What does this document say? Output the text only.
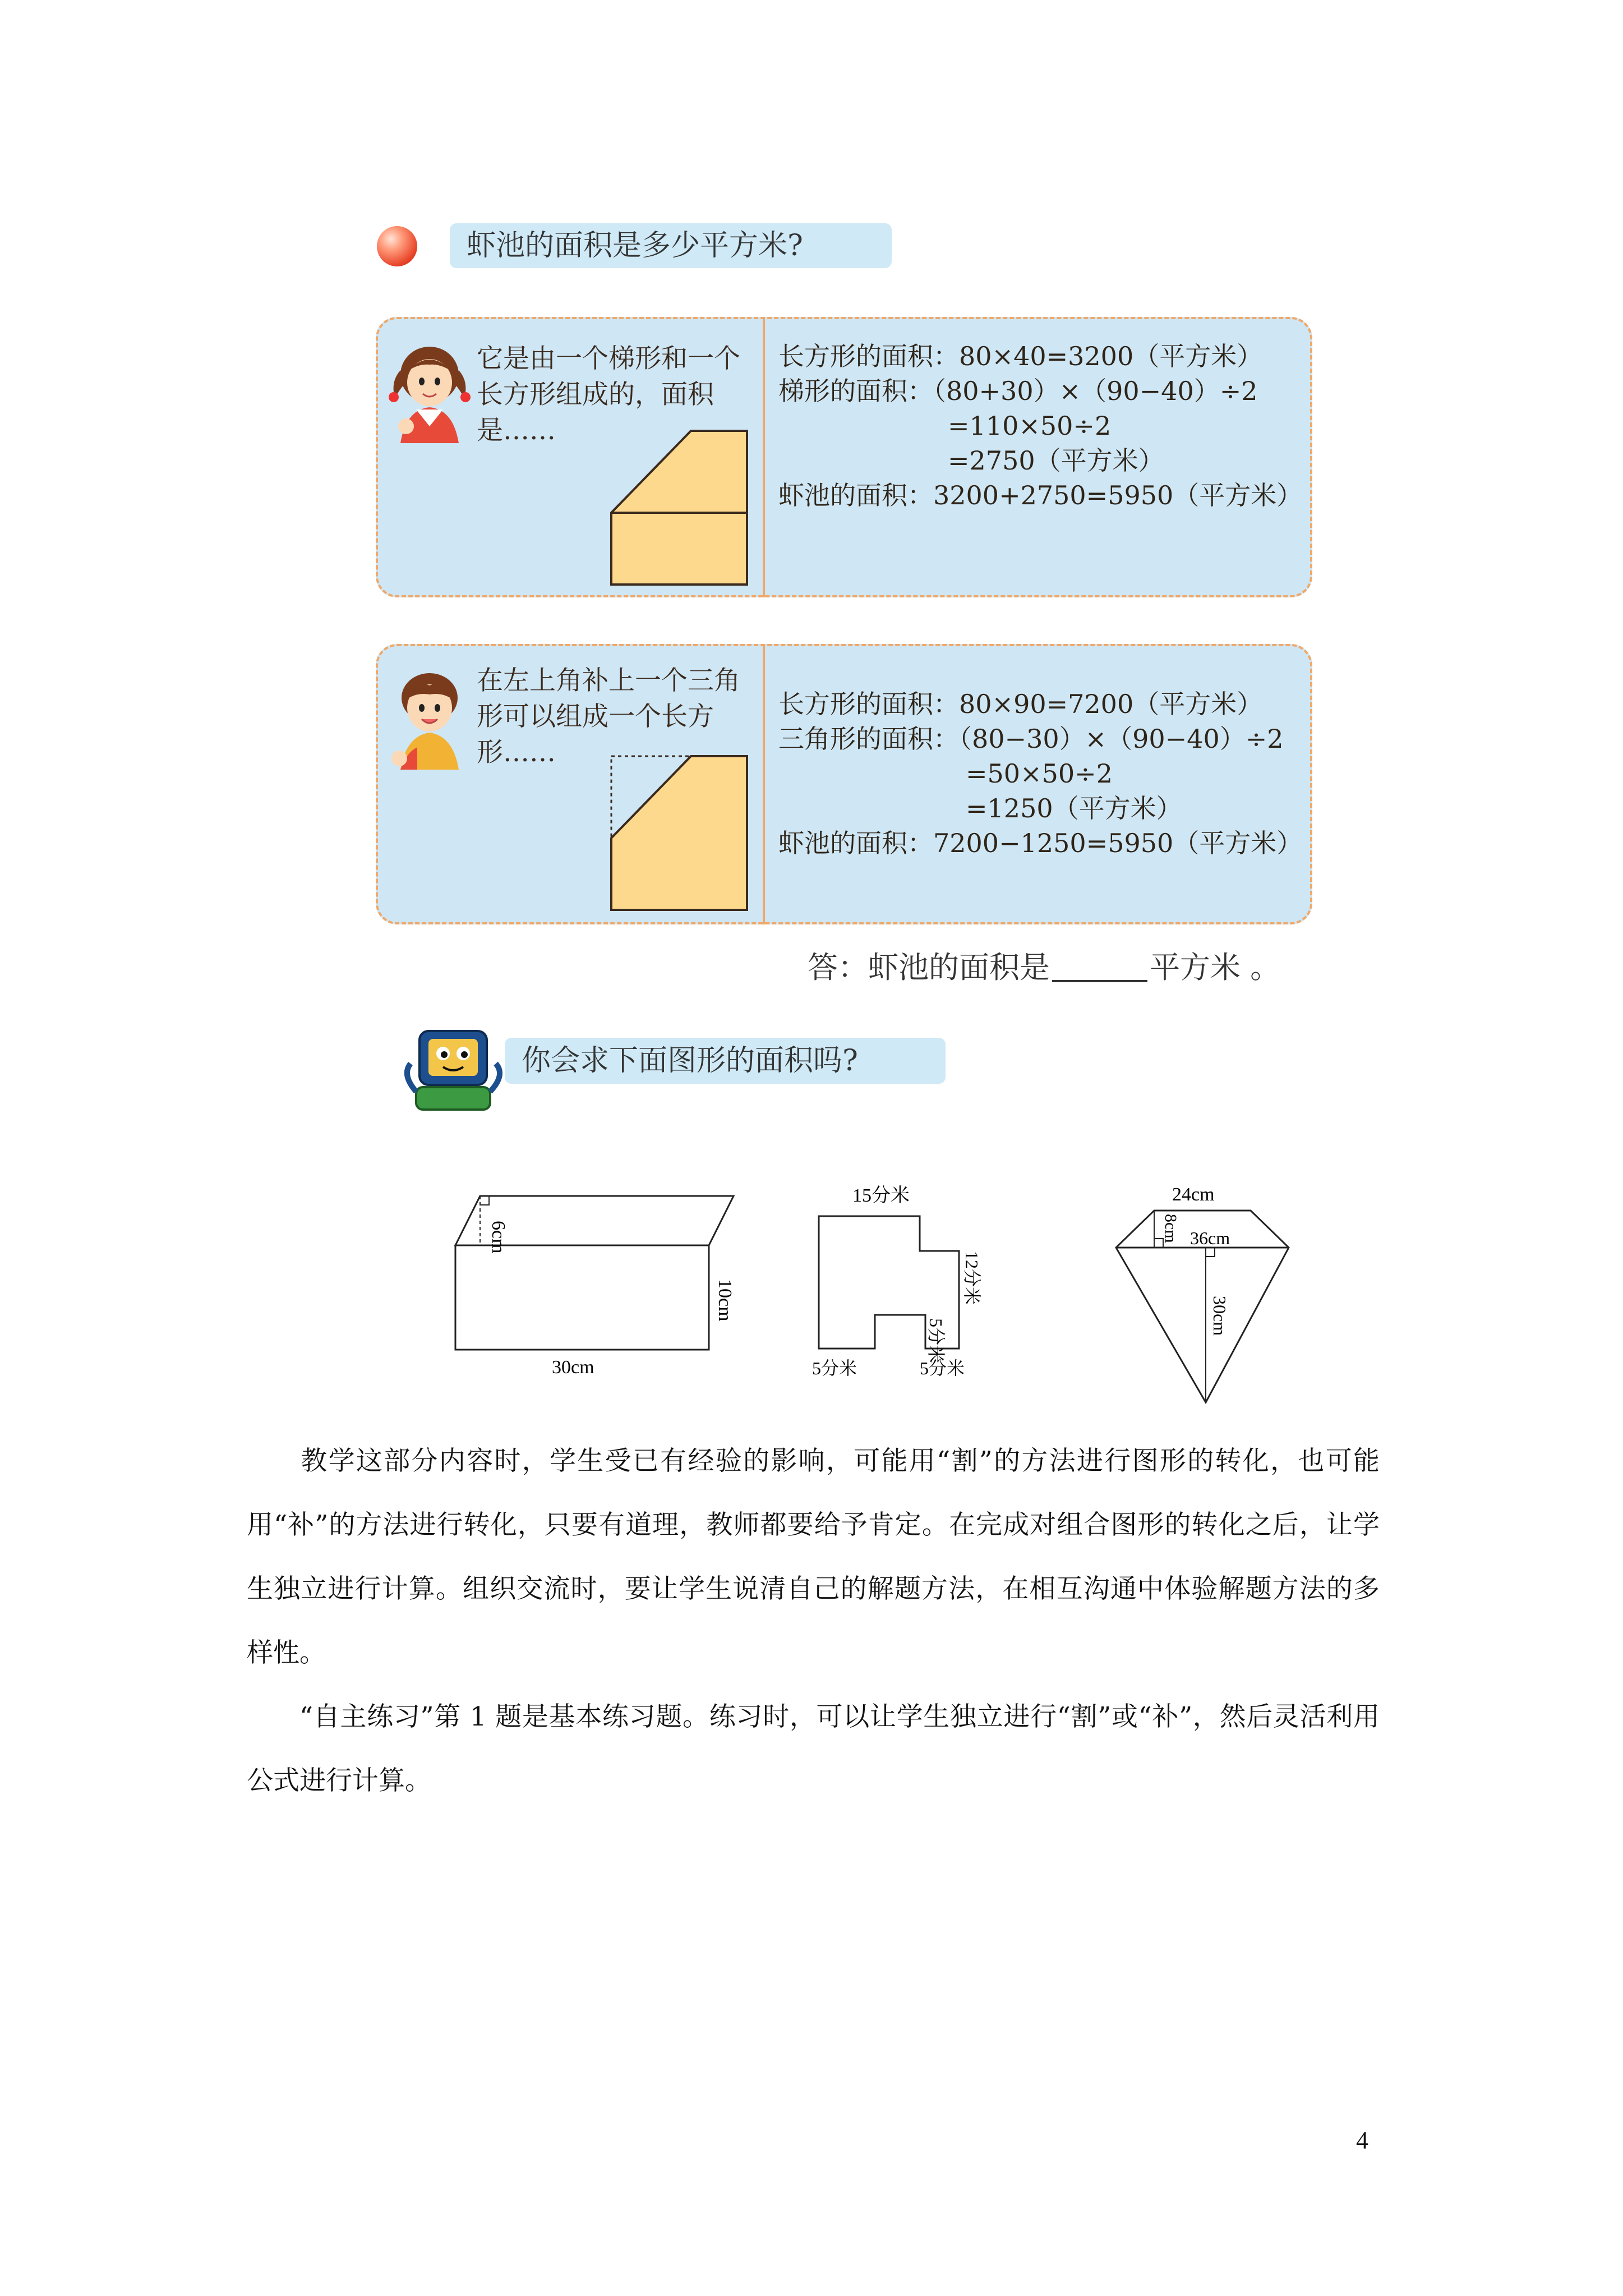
虾池的面积是多少平方米?
它是由一个梯形和一个长方形组成的，面积是……
长方形的面积：80×40=3200（平方米）
梯形的面积：（80+30）×（90−40）÷2
=110×50÷2
=2750（平方米）
虾池的面积：3200+2750=5950（平方米）
在左上角补上一个三角形可以组成一个长方形……
长方形的面积：80×90=7200（平方米）
三角形的面积：（80−30）×（90−40）÷2
=50×50÷2
=1250（平方米）
虾池的面积：7200−1250=5950（平方米）
答：虾池的面积是	平方米 。
你会求下面图形的面积吗?
6cm
10cm
30cm
15分米
5分米
12分米
5分米	5分米
24cm
8cm 36cm
30cm
教学这部分内容时，学生受已有经验的影响，可能用“割”的方法进行图形的转化，也可能用“补”的方法进行转化，只要有道理，教师都要给予肯定。在完成对组合图形的转化之后，让学生独立进行计算。组织交流时，要让学生说清自己的解题方法，在相互沟通中体验解题方法的多样性。
“自主练习”第 1 题是基本练习题。练习时，可以让学生独立进行“割”或“补”，然后灵活利用公式进行计算。
4
